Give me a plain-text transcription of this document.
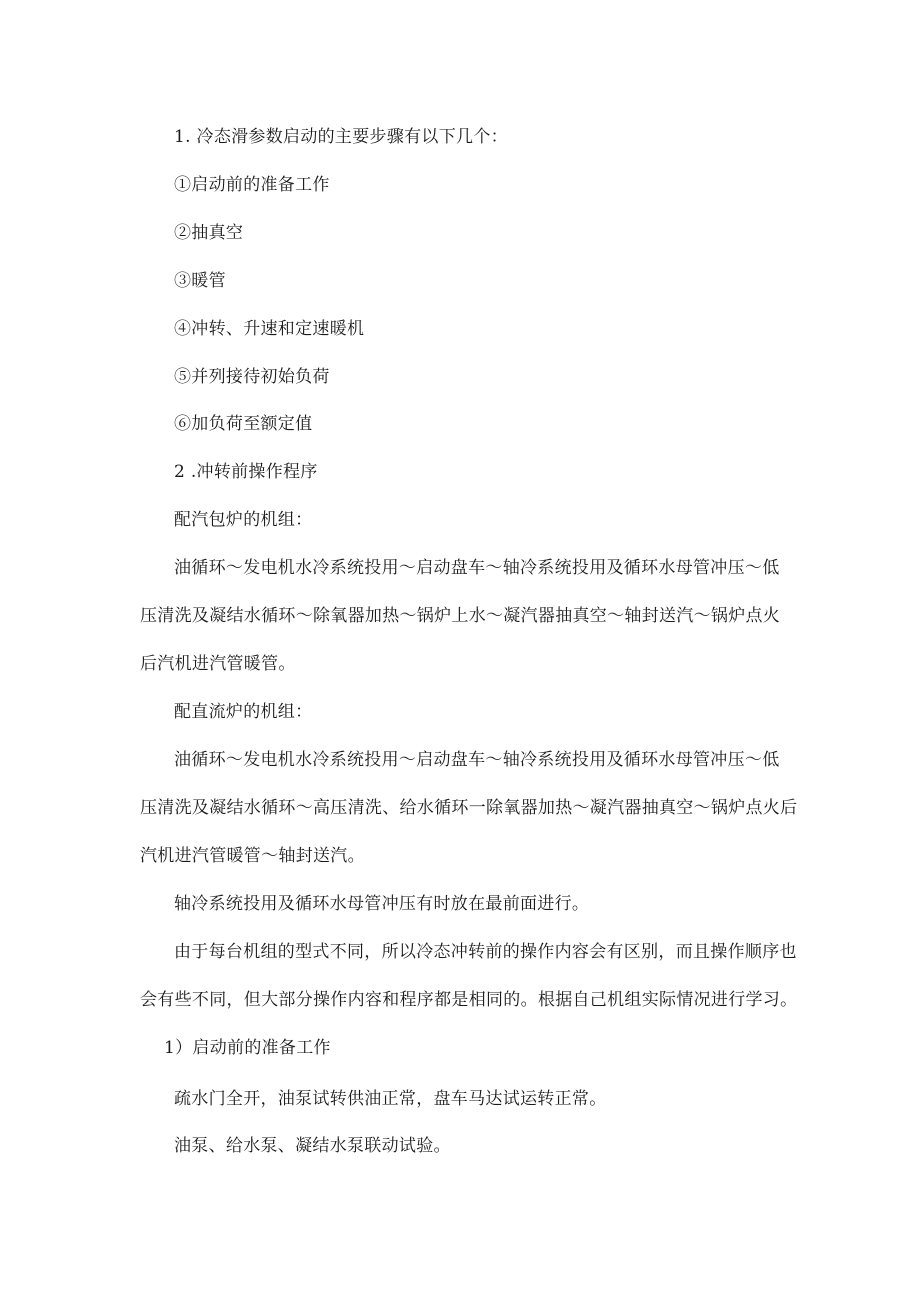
1. 冷态滑参数启动的主要步骤有以下几个：
①启动前的准备工作
②抽真空
③暖管
④冲转、升速和定速暖机
⑤并列接待初始负荷
⑥加负荷至额定值
2 .冲转前操作程序
配汽包炉的机组：
油循环～发电机水冷系统投用～启动盘车～轴冷系统投用及循环水母管冲压～低
压清洗及凝结水循环～除氧器加热～锅炉上水～凝汽器抽真空～轴封送汽～锅炉点火
后汽机进汽管暖管。
配直流炉的机组：
油循环～发电机水冷系统投用～启动盘车～轴冷系统投用及循环水母管冲压～低
压清洗及凝结水循环～高压清洗、给水循环一除氧器加热～凝汽器抽真空～锅炉点火后
汽机进汽管暖管～轴封送汽。
轴冷系统投用及循环水母管冲压有时放在最前面进行。
由于每台机组的型式不同，所以冷态冲转前的操作内容会有区别，而且操作顺序也
会有些不同，但大部分操作内容和程序都是相同的。根据自己机组实际情况进行学习。
1）启动前的准备工作
疏水门全开，油泵试转供油正常，盘车马达试运转正常。
油泵、给水泵、凝结水泵联动试验。
